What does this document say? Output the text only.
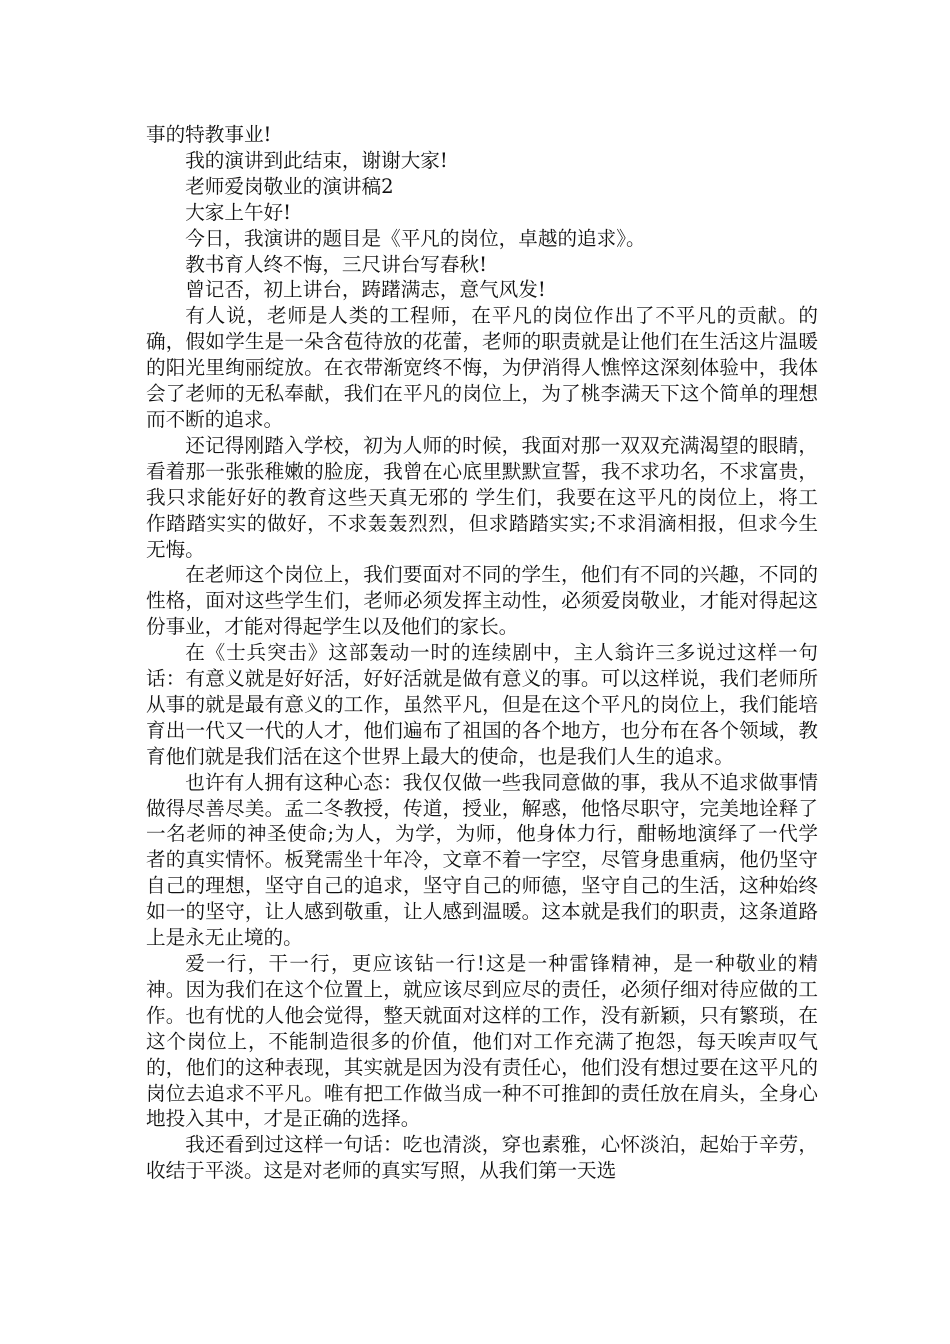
事的特教事业!

我的演讲到此结束，谢谢大家!

老师爱岗敬业的演讲稿2

大家上午好!

今日，我演讲的题目是《平凡的岗位，卓越的追求》。

教书育人终不悔，三尺讲台写春秋!

曾记否，初上讲台，踌躇满志，意气风发!

有人说，老师是人类的工程师，在平凡的岗位作出了不平凡的贡献。的确，假如学生是一朵含苞待放的花蕾，老师的职责就是让他们在生活这片温暖的阳光里绚丽绽放。在衣带渐宽终不悔，为伊消得人憔悴这深刻体验中，我体会了老师的无私奉献，我们在平凡的岗位上，为了桃李满天下这个简单的理想而不断的追求。

还记得刚踏入学校，初为人师的时候，我面对那一双双充满渴望的眼睛，看着那一张张稚嫩的脸庞，我曾在心底里默默宣誓，我不求功名，不求富贵，我只求能好好的教育这些天真无邪的 学生们，我要在这平凡的岗位上，将工作踏踏实实的做好，不求轰轰烈烈，但求踏踏实实;不求涓滴相报，但求今生无悔。

在老师这个岗位上，我们要面对不同的学生，他们有不同的兴趣，不同的性格，面对这些学生们，老师必须发挥主动性，必须爱岗敬业，才能对得起这份事业，才能对得起学生以及他们的家长。

在《士兵突击》这部轰动一时的连续剧中，主人翁许三多说过这样一句话：有意义就是好好活，好好活就是做有意义的事。可以这样说，我们老师所从事的就是最有意义的工作，虽然平凡，但是在这个平凡的岗位上，我们能培育出一代又一代的人才，他们遍布了祖国的各个地方，也分布在各个领域，教育他们就是我们活在这个世界上最大的使命，也是我们人生的追求。

也许有人拥有这种心态：我仅仅做一些我同意做的事，我从不追求做事情做得尽善尽美。孟二冬教授，传道，授业，解惑，他恪尽职守，完美地诠释了一名老师的神圣使命;为人，为学，为师，他身体力行，酣畅地演绎了一代学者的真实情怀。板凳需坐十年冷，文章不着一字空，尽管身患重病，他仍坚守自己的理想，坚守自己的追求，坚守自己的师德，坚守自己的生活，这种始终如一的坚守，让人感到敬重，让人感到温暖。这本就是我们的职责，这条道路上是永无止境的。

爱一行，干一行，更应该钻一行!这是一种雷锋精神，是一种敬业的精神。因为我们在这个位置上，就应该尽到应尽的责任，必须仔细对待应做的工作。也有忧的人他会觉得，整天就面对这样的工作，没有新颖，只有繁琐，在这个岗位上，不能制造很多的价值，他们对工作充满了抱怨，每天唉声叹气的，他们的这种表现，其实就是因为没有责任心，他们没有想过要在这平凡的岗位去追求不平凡。唯有把工作做当成一种不可推卸的责任放在肩头，全身心地投入其中，才是正确的选择。

我还看到过这样一句话：吃也清淡，穿也素雅，心怀淡泊，起始于辛劳，收结于平淡。这是对老师的真实写照，从我们第一天选
